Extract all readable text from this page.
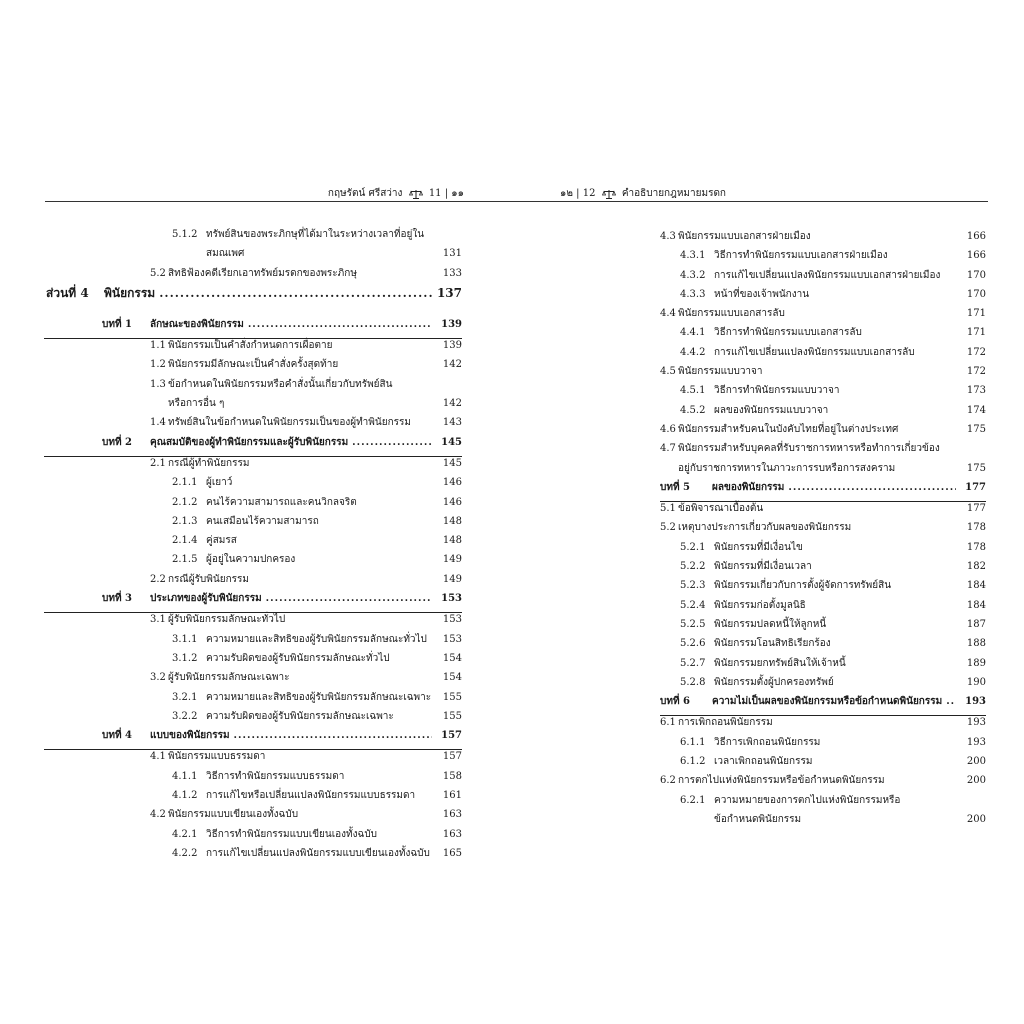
กฤษรัตน์ ศรีสว่าง	11 | ๑๑
5.1.2 ทรัพย์สินของพระภิกษุที่ได้มาในระหว่างเวลาที่อยู่ใน
สมณเพศ	131
5.2 สิทธิฟ้องคดีเรียกเอาทรัพย์มรดกของพระภิกษุ	133
ส่วนที่ 4	พินัยกรรม .....	137
บทที่ 1	ลักษณะของพินัยกรรม .....	139
1.1 พินัยกรรมเป็นคำสั่งกำหนดการเผื่อตาย	139
1.2 พินัยกรรมมีลักษณะเป็นคำสั่งครั้งสุดท้าย	142
1.3 ข้อกำหนดในพินัยกรรมหรือคำสั่งนั้นเกี่ยวกับทรัพย์สิน
หรือการอื่น ๆ	142
1.4 ทรัพย์สินในข้อกำหนดในพินัยกรรมเป็นของผู้ทำพินัยกรรม	143
บทที่ 2	คุณสมบัติของผู้ทำพินัยกรรมและผู้รับพินัยกรรม .....	145
2.1 กรณีผู้ทำพินัยกรรม	145
2.1.1 ผู้เยาว์	146
2.1.2 คนไร้ความสามารถและคนวิกลจริต	146
2.1.3 คนเสมือนไร้ความสามารถ	148
2.1.4 คู่สมรส	148
2.1.5 ผู้อยู่ในความปกครอง	149
2.2 กรณีผู้รับพินัยกรรม	149
บทที่ 3	ประเภทของผู้รับพินัยกรรม .....	153
3.1 ผู้รับพินัยกรรมลักษณะทั่วไป	153
3.1.1 ความหมายและสิทธิของผู้รับพินัยกรรมลักษณะทั่วไป 153
3.1.2 ความรับผิดของผู้รับพินัยกรรมลักษณะทั่วไป	154
3.2 ผู้รับพินัยกรรมลักษณะเฉพาะ	154
3.2.1 ความหมายและสิทธิของผู้รับพินัยกรรมลักษณะเฉพาะ 155
3.2.2 ความรับผิดของผู้รับพินัยกรรมลักษณะเฉพาะ	155
บทที่ 4	แบบของพินัยกรรม .....	157
4.1 พินัยกรรมแบบธรรมดา	157
4.1.1 วิธีการทำพินัยกรรมแบบธรรมดา	158
4.1.2 การแก้ไขหรือเปลี่ยนแปลงพินัยกรรมแบบธรรมดา	161
4.2 พินัยกรรมแบบเขียนเองทั้งฉบับ	163
4.2.1 วิธีการทำพินัยกรรมแบบเขียนเองทั้งฉบับ	163
4.2.2 การแก้ไขเปลี่ยนแปลงพินัยกรรมแบบเขียนเองทั้งฉบับ 165
๑๒ | 12	คำอธิบายกฎหมายมรดก
4.3 พินัยกรรมแบบเอกสารฝ่ายเมือง	166
4.3.1 วิธีการทำพินัยกรรมแบบเอกสารฝ่ายเมือง	166
4.3.2 การแก้ไขเปลี่ยนแปลงพินัยกรรมแบบเอกสารฝ่ายเมือง	170
4.3.3 หน้าที่ของเจ้าพนักงาน	170
4.4 พินัยกรรมแบบเอกสารลับ	171
4.4.1 วิธีการทำพินัยกรรมแบบเอกสารลับ	171
4.4.2 การแก้ไขเปลี่ยนแปลงพินัยกรรมแบบเอกสารลับ	172
4.5 พินัยกรรมแบบวาจา	172
4.5.1 วิธีการทำพินัยกรรมแบบวาจา	173
4.5.2 ผลของพินัยกรรมแบบวาจา	174
4.6 พินัยกรรมสำหรับคนในบังคับไทยที่อยู่ในต่างประเทศ	175
4.7 พินัยกรรมสำหรับบุคคลที่รับราชการทหารหรือทำการเกี่ยวข้อง
อยู่กับราชการทหารในภาวะการรบหรือการสงคราม	175
บทที่ 5	ผลของพินัยกรรม .....	177
5.1 ข้อพิจารณาเบื้องต้น	177
5.2 เหตุบางประการเกี่ยวกับผลของพินัยกรรม	178
5.2.1 พินัยกรรมที่มีเงื่อนไข	178
5.2.2 พินัยกรรมที่มีเงื่อนเวลา	182
5.2.3 พินัยกรรมเกี่ยวกับการตั้งผู้จัดการทรัพย์สิน	184
5.2.4 พินัยกรรมก่อตั้งมูลนิธิ	184
5.2.5 พินัยกรรมปลดหนี้ให้ลูกหนี้	187
5.2.6 พินัยกรรมโอนสิทธิเรียกร้อง	188
5.2.7 พินัยกรรมยกทรัพย์สินให้เจ้าหนี้	189
5.2.8 พินัยกรรมตั้งผู้ปกครองทรัพย์	190
บทที่ 6	ความไม่เป็นผลของพินัยกรรมหรือข้อกำหนดพินัยกรรม ..... 193
6.1 การเพิกถอนพินัยกรรม	193
6.1.1 วิธีการเพิกถอนพินัยกรรม	193
6.1.2 เวลาเพิกถอนพินัยกรรม	200
6.2 การตกไปแห่งพินัยกรรมหรือข้อกำหนดพินัยกรรม	200
6.2.1 ความหมายของการตกไปแห่งพินัยกรรมหรือ
ข้อกำหนดพินัยกรรม	200
